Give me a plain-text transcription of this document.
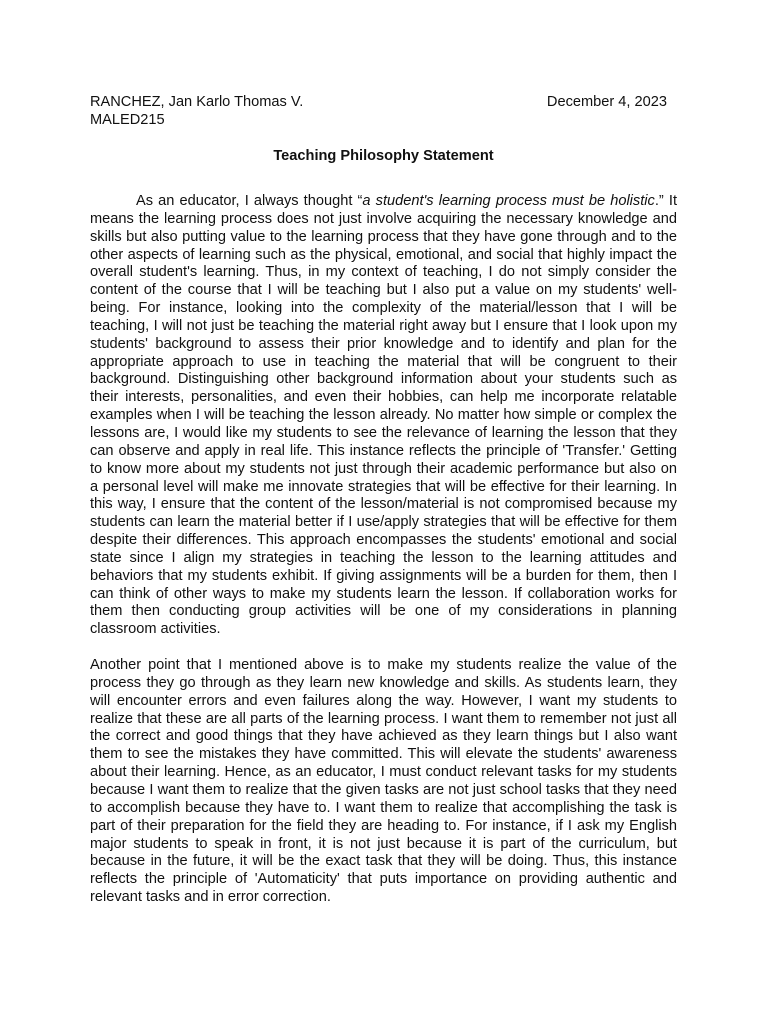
RANCHEZ, Jan Karlo Thomas V.	December 4, 2023
MALED215
Teaching Philosophy Statement

As an educator, I always thought “a student's learning process must be holistic.” It means the learning process does not just involve acquiring the necessary knowledge and skills but also putting value to the learning process that they have gone through and to the other aspects of learning such as the physical, emotional, and social that highly impact the overall student's learning. Thus, in my context of teaching, I do not simply consider the content of the course that I will be teaching but I also put a value on my students' well-being. For instance, looking into the complexity of the material/lesson that I will be teaching, I will not just be teaching the material right away but I ensure that I look upon my students' background to assess their prior knowledge and to identify and plan for the appropriate approach to use in teaching the material that will be congruent to their background. Distinguishing other background information about your students such as their interests, personalities, and even their hobbies, can help me incorporate relatable examples when I will be teaching the lesson already. No matter how simple or complex the lessons are, I would like my students to see the relevance of learning the lesson that they can observe and apply in real life. This instance reflects the principle of 'Transfer.' Getting to know more about my students not just through their academic performance but also on a personal level will make me innovate strategies that will be effective for their learning. In this way, I ensure that the content of the lesson/material is not compromised because my students can learn the material better if I use/apply strategies that will be effective for them despite their differences. This approach encompasses the students' emotional and social state since I align my strategies in teaching the lesson to the learning attitudes and behaviors that my students exhibit. If giving assignments will be a burden for them, then I can think of other ways to make my students learn the lesson. If collaboration works for them then conducting group activities will be one of my considerations in planning classroom activities.

Another point that I mentioned above is to make my students realize the value of the process they go through as they learn new knowledge and skills. As students learn, they will encounter errors and even failures along the way. However, I want my students to realize that these are all parts of the learning process. I want them to remember not just all the correct and good things that they have achieved as they learn things but I also want them to see the mistakes they have committed. This will elevate the students' awareness about their learning. Hence, as an educator, I must conduct relevant tasks for my students because I want them to realize that the given tasks are not just school tasks that they need to accomplish because they have to. I want them to realize that accomplishing the task is part of their preparation for the field they are heading to. For instance, if I ask my English major students to speak in front, it is not just because it is part of the curriculum, but because in the future, it will be the exact task that they will be doing. Thus, this instance reflects the principle of 'Automaticity' that puts importance on providing authentic and relevant tasks and in error correction.
